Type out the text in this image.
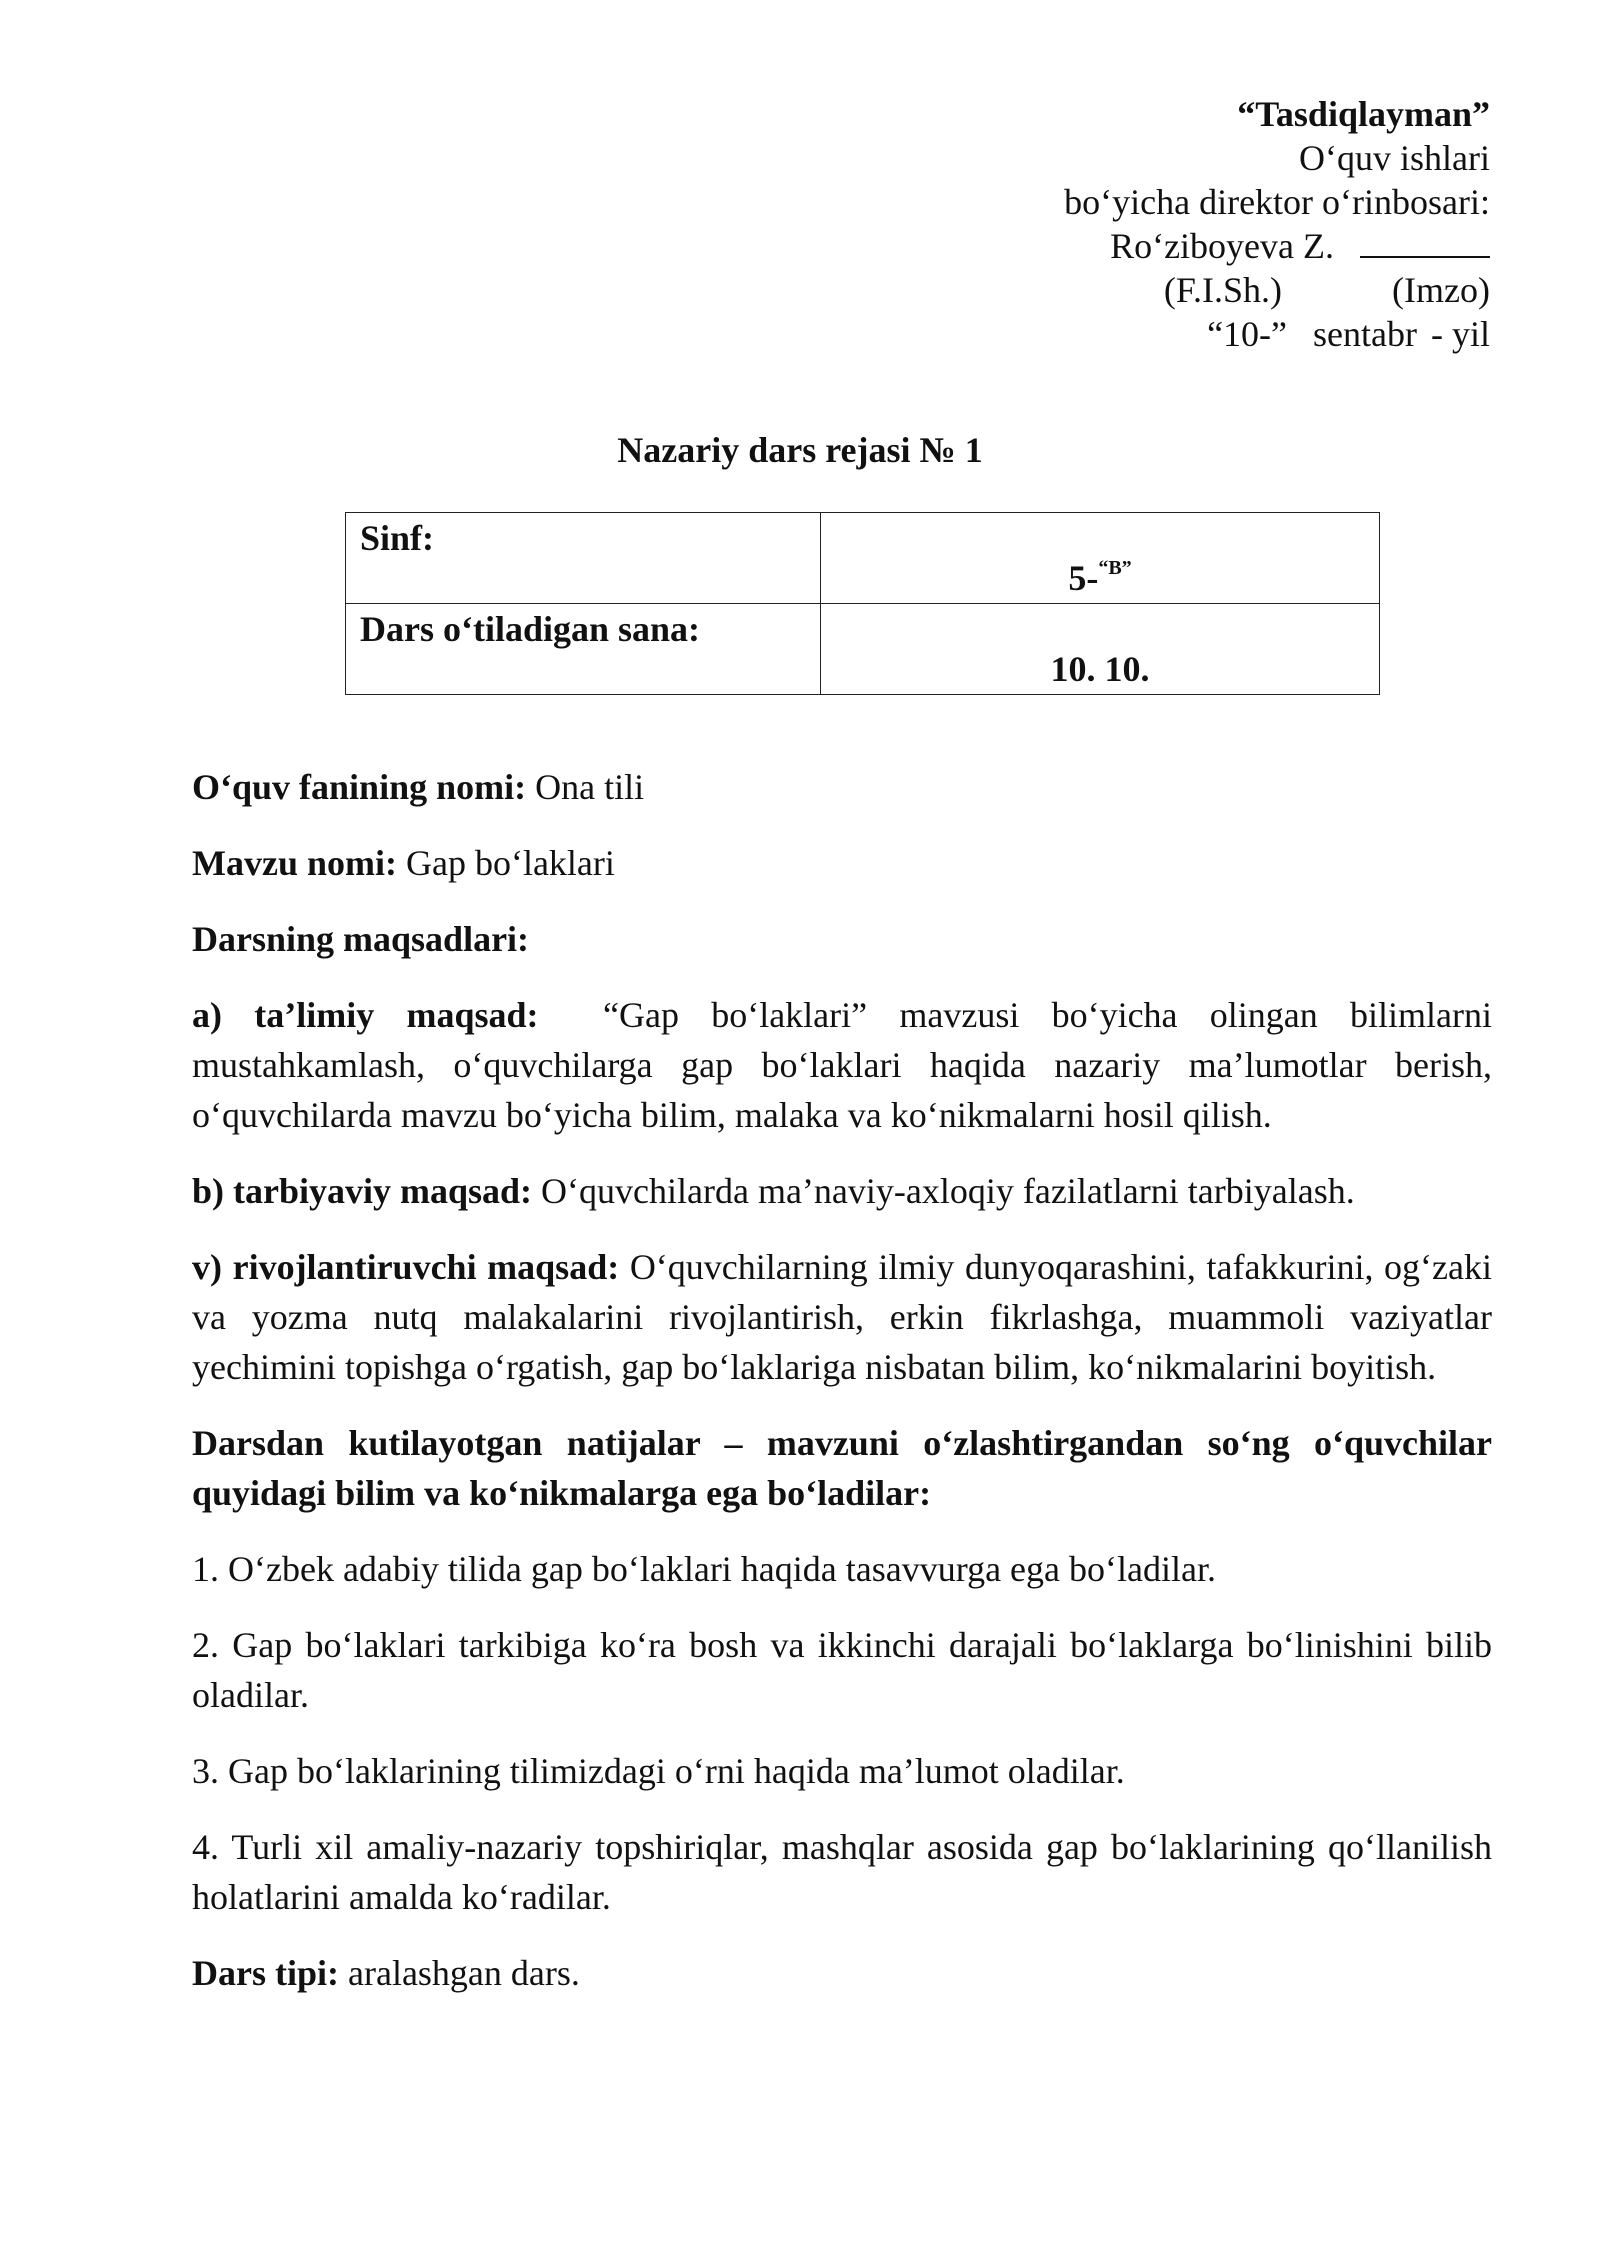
“Tasdiqlayman”
O‘quv ishlari
bo‘yicha direktor o‘rinbosari:
Ro‘ziboyeva Z.
(F.I.Sh.)	(Imzo)
“10-” sentabr - yil
Nazariy dars rejasi № 1
Sinf:	5-$^{“B”}$
Dars o‘tiladigan sana:	10. 10.

O‘quv fanining nomi: Ona tili

Mavzu nomi: Gap bo‘laklari

Darsning maqsadlari:

a) ta’limiy maqsad: “Gap bo‘laklari” mavzusi bo‘yicha olingan bilimlarni mustahkamlash, o‘quvchilarga gap bo‘laklari haqida nazariy ma’lumotlar berish, o‘quvchilarda mavzu bo‘yicha bilim, malaka va ko‘nikmalarni hosil qilish.

b) tarbiyaviy maqsad: O‘quvchilarda ma’naviy-axloqiy fazilatlarni tarbiyalash.

v) rivojlantiruvchi maqsad: O‘quvchilarning ilmiy dunyoqarashini, tafakkurini, og‘zaki va yozma nutq malakalarini rivojlantirish, erkin fikrlashga, muammoli vaziyatlar yechimini topishga o‘rgatish, gap bo‘laklariga nisbatan bilim, ko‘nikmalarini boyitish.

Darsdan kutilayotgan natijalar – mavzuni o‘zlashtirgandan so‘ng o‘quvchilar quyidagi bilim va ko‘nikmalarga ega bo‘ladilar:

1. O‘zbek adabiy tilida gap bo‘laklari haqida tasavvurga ega bo‘ladilar.

2. Gap bo‘laklari tarkibiga ko‘ra bosh va ikkinchi darajali bo‘laklarga bo‘linishini bilib oladilar.

3. Gap bo‘laklarining tilimizdagi o‘rni haqida ma’lumot oladilar.

4. Turli xil amaliy-nazariy topshiriqlar, mashqlar asosida gap bo‘laklarining qo‘llanilish holatlarini amalda ko‘radilar.

Dars tipi: aralashgan dars.
